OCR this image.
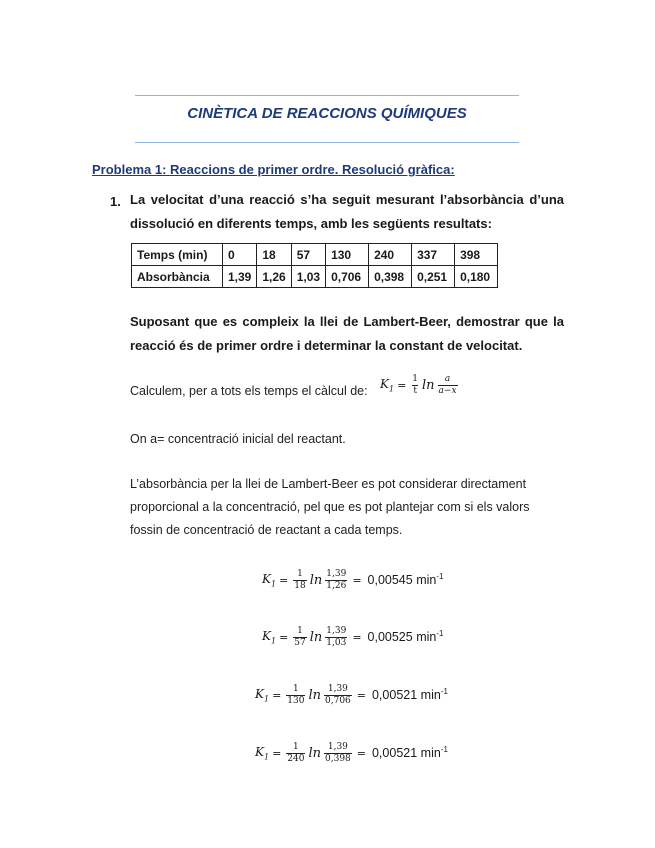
CINÈTICA DE REACCIONS QUÍMIQUES
Problema 1: Reaccions de primer ordre. Resolució gràfica:
1. La velocitat d’una reacció s’ha seguit mesurant l’absorbància d’una
dissolució en diferents temps, amb les següents resultats:
Temps (min)	0	18	57	130	240	337	398
Absorbància	1,39	1,26	1,03	0,706	0,398	0,251	0,180
Suposant que es compleix la llei de Lambert-Beer, demostrar que la
reacció és de primer ordre i determinar la constant de velocitat.
Calculem, per a tots els temps el càlcul de: $K_1 = \frac{1}{t}$ $\ln \frac{a}{a-x}$
On a= concentració inicial del reactant.
L’absorbància per la llei de Lambert-Beer es pot considerar directament
proporcional a la concentració, pel que es pot plantejar com si els valors
fossin de concentració de reactant a cada temps.
$K_1 = \frac{1}{18}$ $\ln \frac{1,39}{1,26} = 0,00545$ $\min^{-1}$
$K_1 = \frac{1}{57}$ $\ln \frac{1,39}{1,03} = 0,00525$ $\min^{-1}$
$K_1 = \frac{1}{130}$ $\ln \frac{1,39}{0,706} = 0,00521$ $\min^{-1}$
$K_1 = \frac{1}{240}$ $\ln \frac{1,39}{0,398} = 0,00521$ $\min^{-1}$
